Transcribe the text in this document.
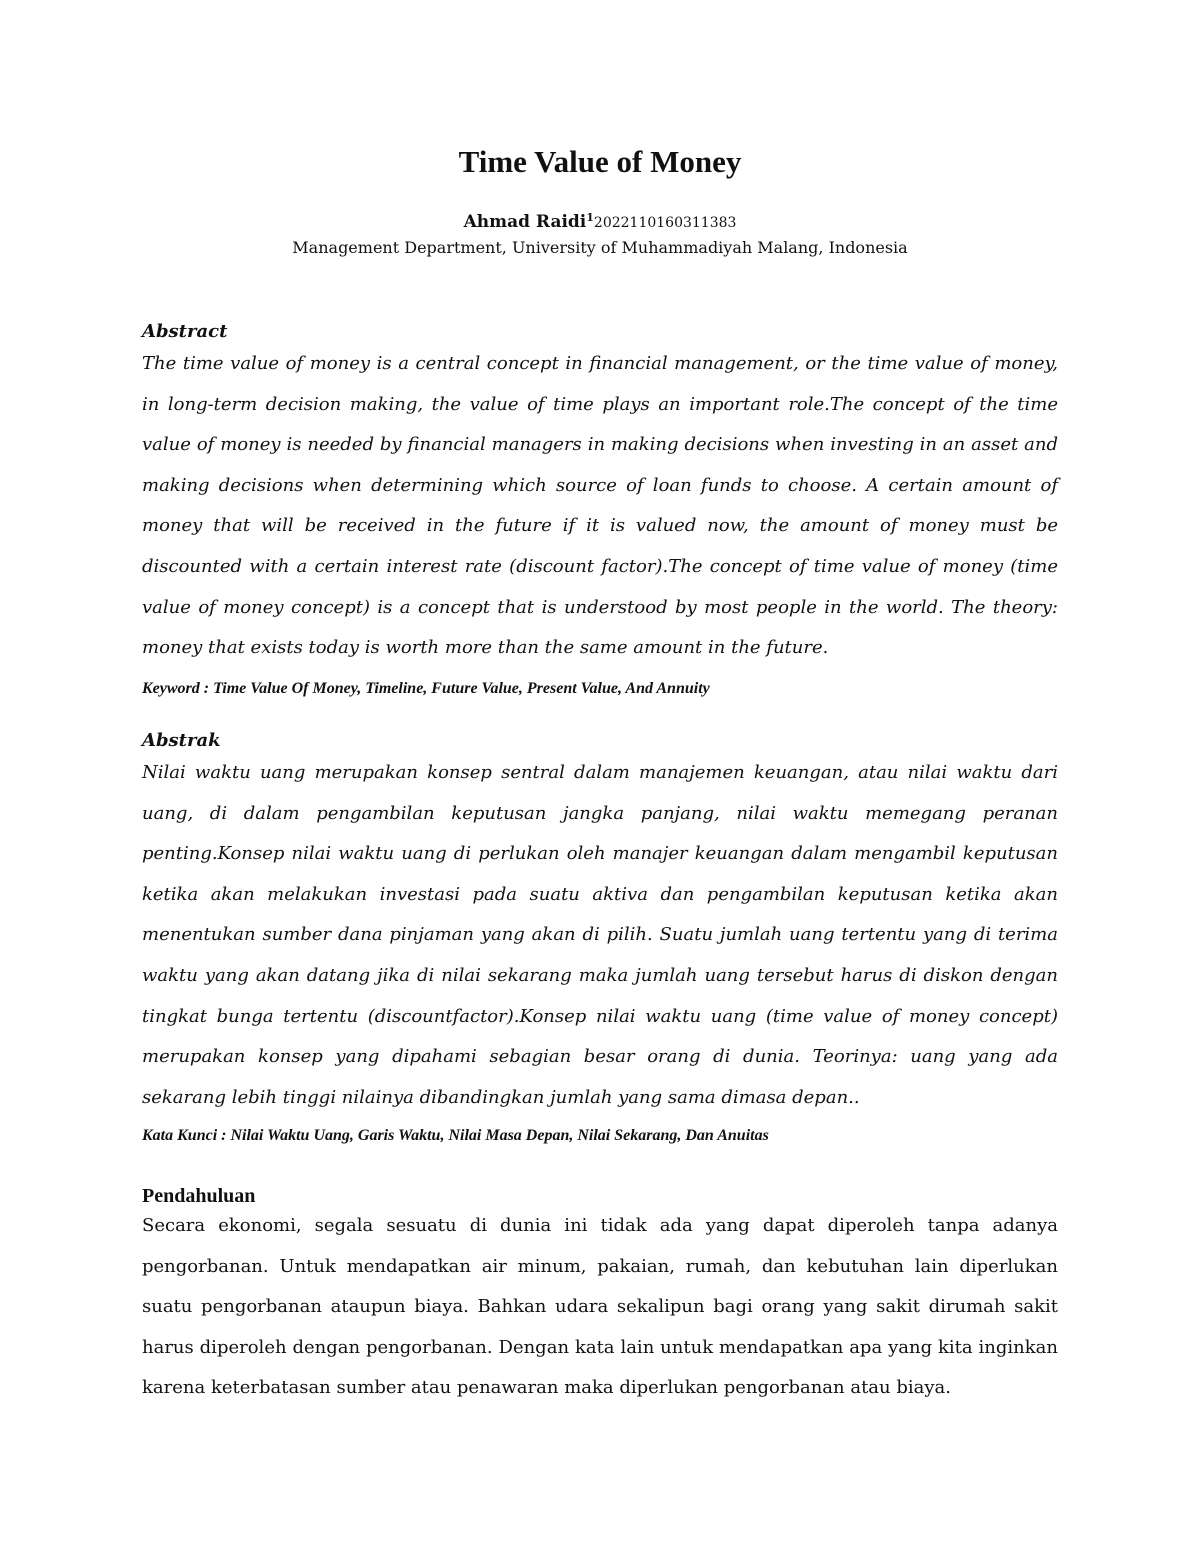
Time Value of Money
Ahmad Raidi$^1$2022110160311383
Management Department, University of Muhammadiyah Malang, Indonesia
Abstract

The time value of money is a central concept in financial management, or the time value of money, in long-term decision making, the value of time plays an important role.The concept of the time value of money is needed by financial managers in making decisions when investing in an asset and making decisions when determining which source of loan funds to choose. A certain amount of money that will be received in the future if it is valued now, the amount of money must be discounted with a certain interest rate (discount factor).The concept of time value of money (time value of money concept) is a concept that is understood by most people in the world. The theory: money that exists today is worth more than the same amount in the future.

Keyword : Time Value Of Money, Timeline, Future Value, Present Value, And Annuity

Abstrak

Nilai waktu uang merupakan konsep sentral dalam manajemen keuangan, atau nilai waktu dari uang, di dalam pengambilan keputusan jangka panjang, nilai waktu memegang peranan penting.Konsep nilai waktu uang di perlukan oleh manajer keuangan dalam mengambil keputusan ketika akan melakukan investasi pada suatu aktiva dan pengambilan keputusan ketika akan menentukan sumber dana pinjaman yang akan di pilih. Suatu jumlah uang tertentu yang di terima waktu yang akan datang jika di nilai sekarang maka jumlah uang tersebut harus di diskon dengan tingkat bunga tertentu (discountfactor).Konsep nilai waktu uang (time value of money concept) merupakan konsep yang dipahami sebagian besar orang di dunia. Teorinya: uang yang ada sekarang lebih tinggi nilainya dibandingkan jumlah yang sama dimasa depan..

Kata Kunci : Nilai Waktu Uang, Garis Waktu, Nilai Masa Depan, Nilai Sekarang, Dan Anuitas

Pendahuluan

Secara ekonomi, segala sesuatu di dunia ini tidak ada yang dapat diperoleh tanpa adanya pengorbanan. Untuk mendapatkan air minum, pakaian, rumah, dan kebutuhan lain diperlukan suatu pengorbanan ataupun biaya. Bahkan udara sekalipun bagi orang yang sakit dirumah sakit harus diperoleh dengan pengorbanan. Dengan kata lain untuk mendapatkan apa yang kita inginkan karena keterbatasan sumber atau penawaran maka diperlukan pengorbanan atau biaya.
